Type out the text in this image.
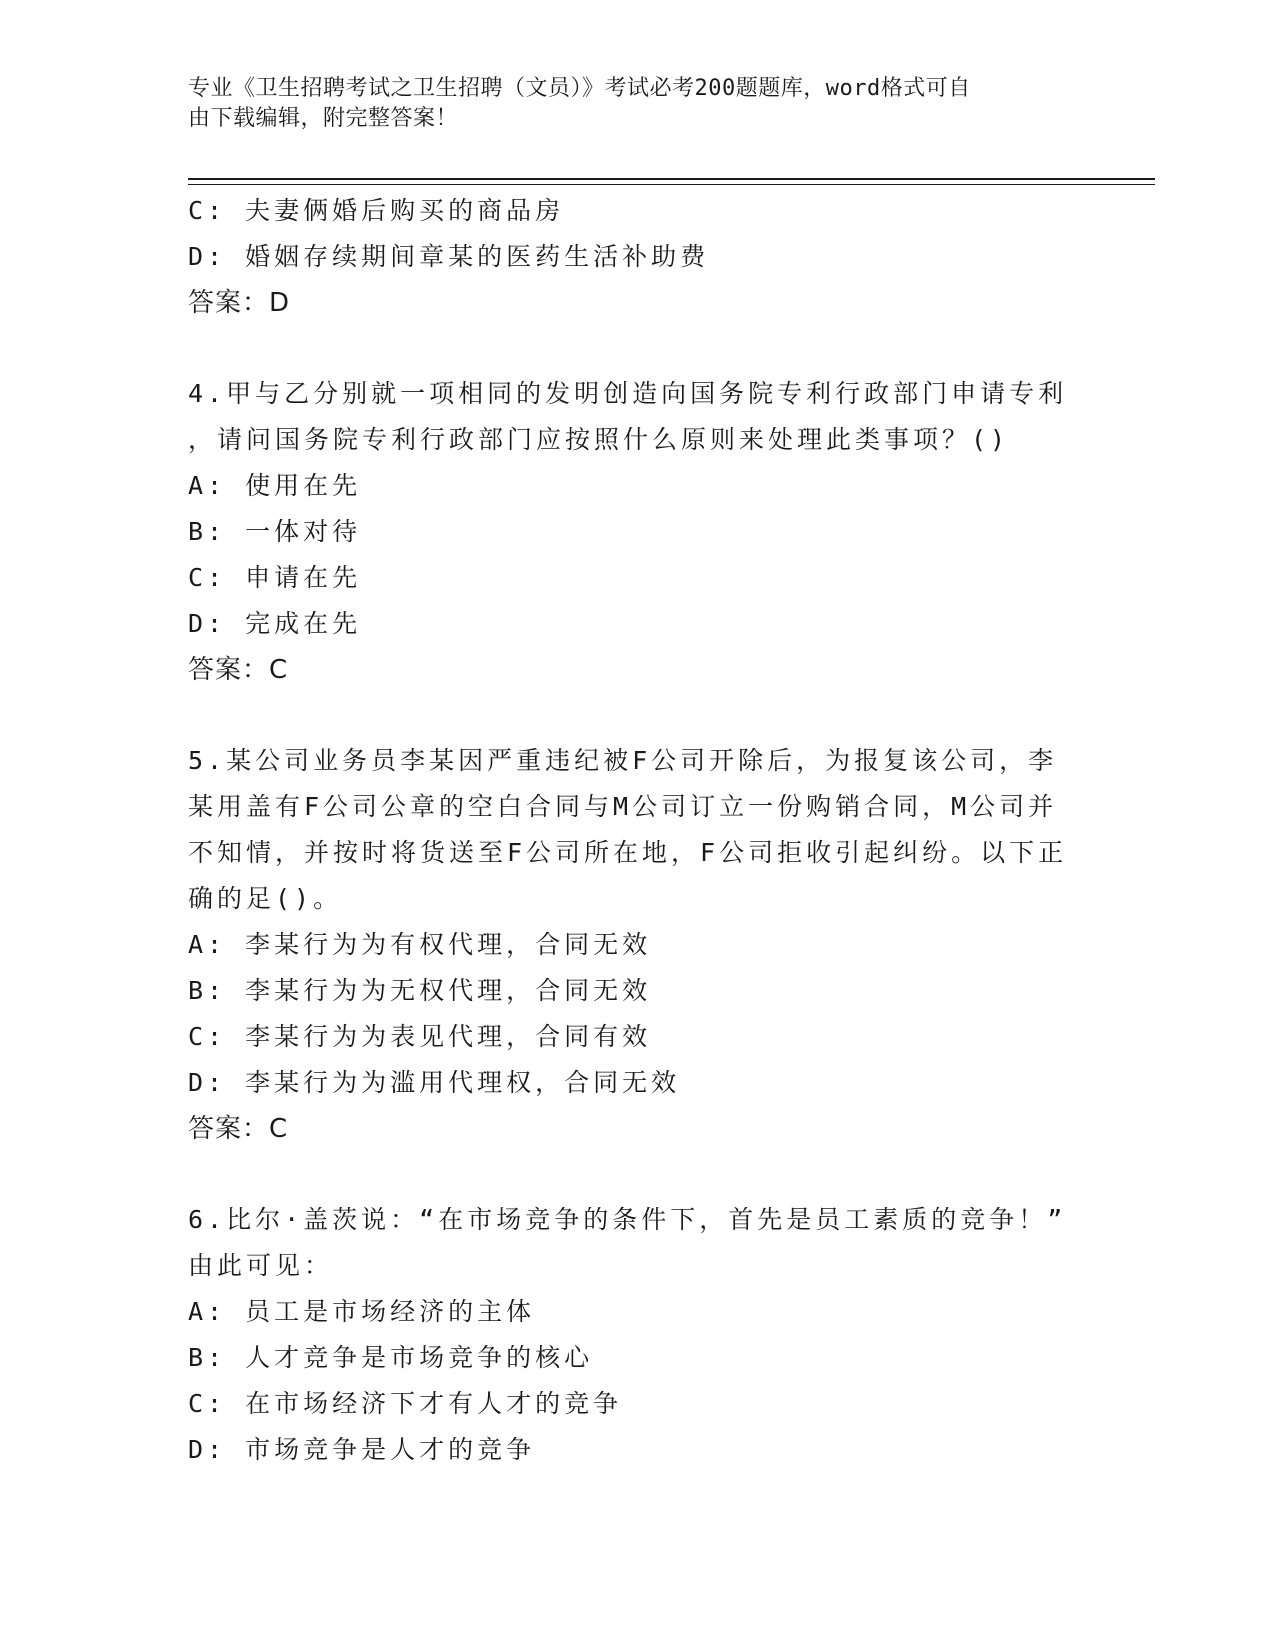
专业《卫生招聘考试之卫生招聘（文员）》考试必考200题题库，word格式可自
由下载编辑，附完整答案！
C: 夫妻俩婚后购买的商品房
D: 婚姻存续期间章某的医药生活补助费
答案：D
4.甲与乙分别就一项相同的发明创造向国务院专利行政部门申请专利
，请问国务院专利行政部门应按照什么原则来处理此类事项？()
A: 使用在先
B: 一体对待
C: 申请在先
D: 完成在先
答案：C
5.某公司业务员李某因严重违纪被F公司开除后，为报复该公司，李
某用盖有F公司公章的空白合同与M公司订立一份购销合同，M公司并
不知情，并按时将货送至F公司所在地，F公司拒收引起纠纷。以下正
确的足()。
A: 李某行为为有权代理，合同无效
B: 李某行为为无权代理，合同无效
C: 李某行为为表见代理，合同有效
D: 李某行为为滥用代理权，合同无效
答案：C
6.比尔·盖茨说：“在市场竞争的条件下，首先是员工素质的竞争！”
由此可见：
A: 员工是市场经济的主体
B: 人才竞争是市场竞争的核心
C: 在市场经济下才有人才的竞争
D: 市场竞争是人才的竞争
